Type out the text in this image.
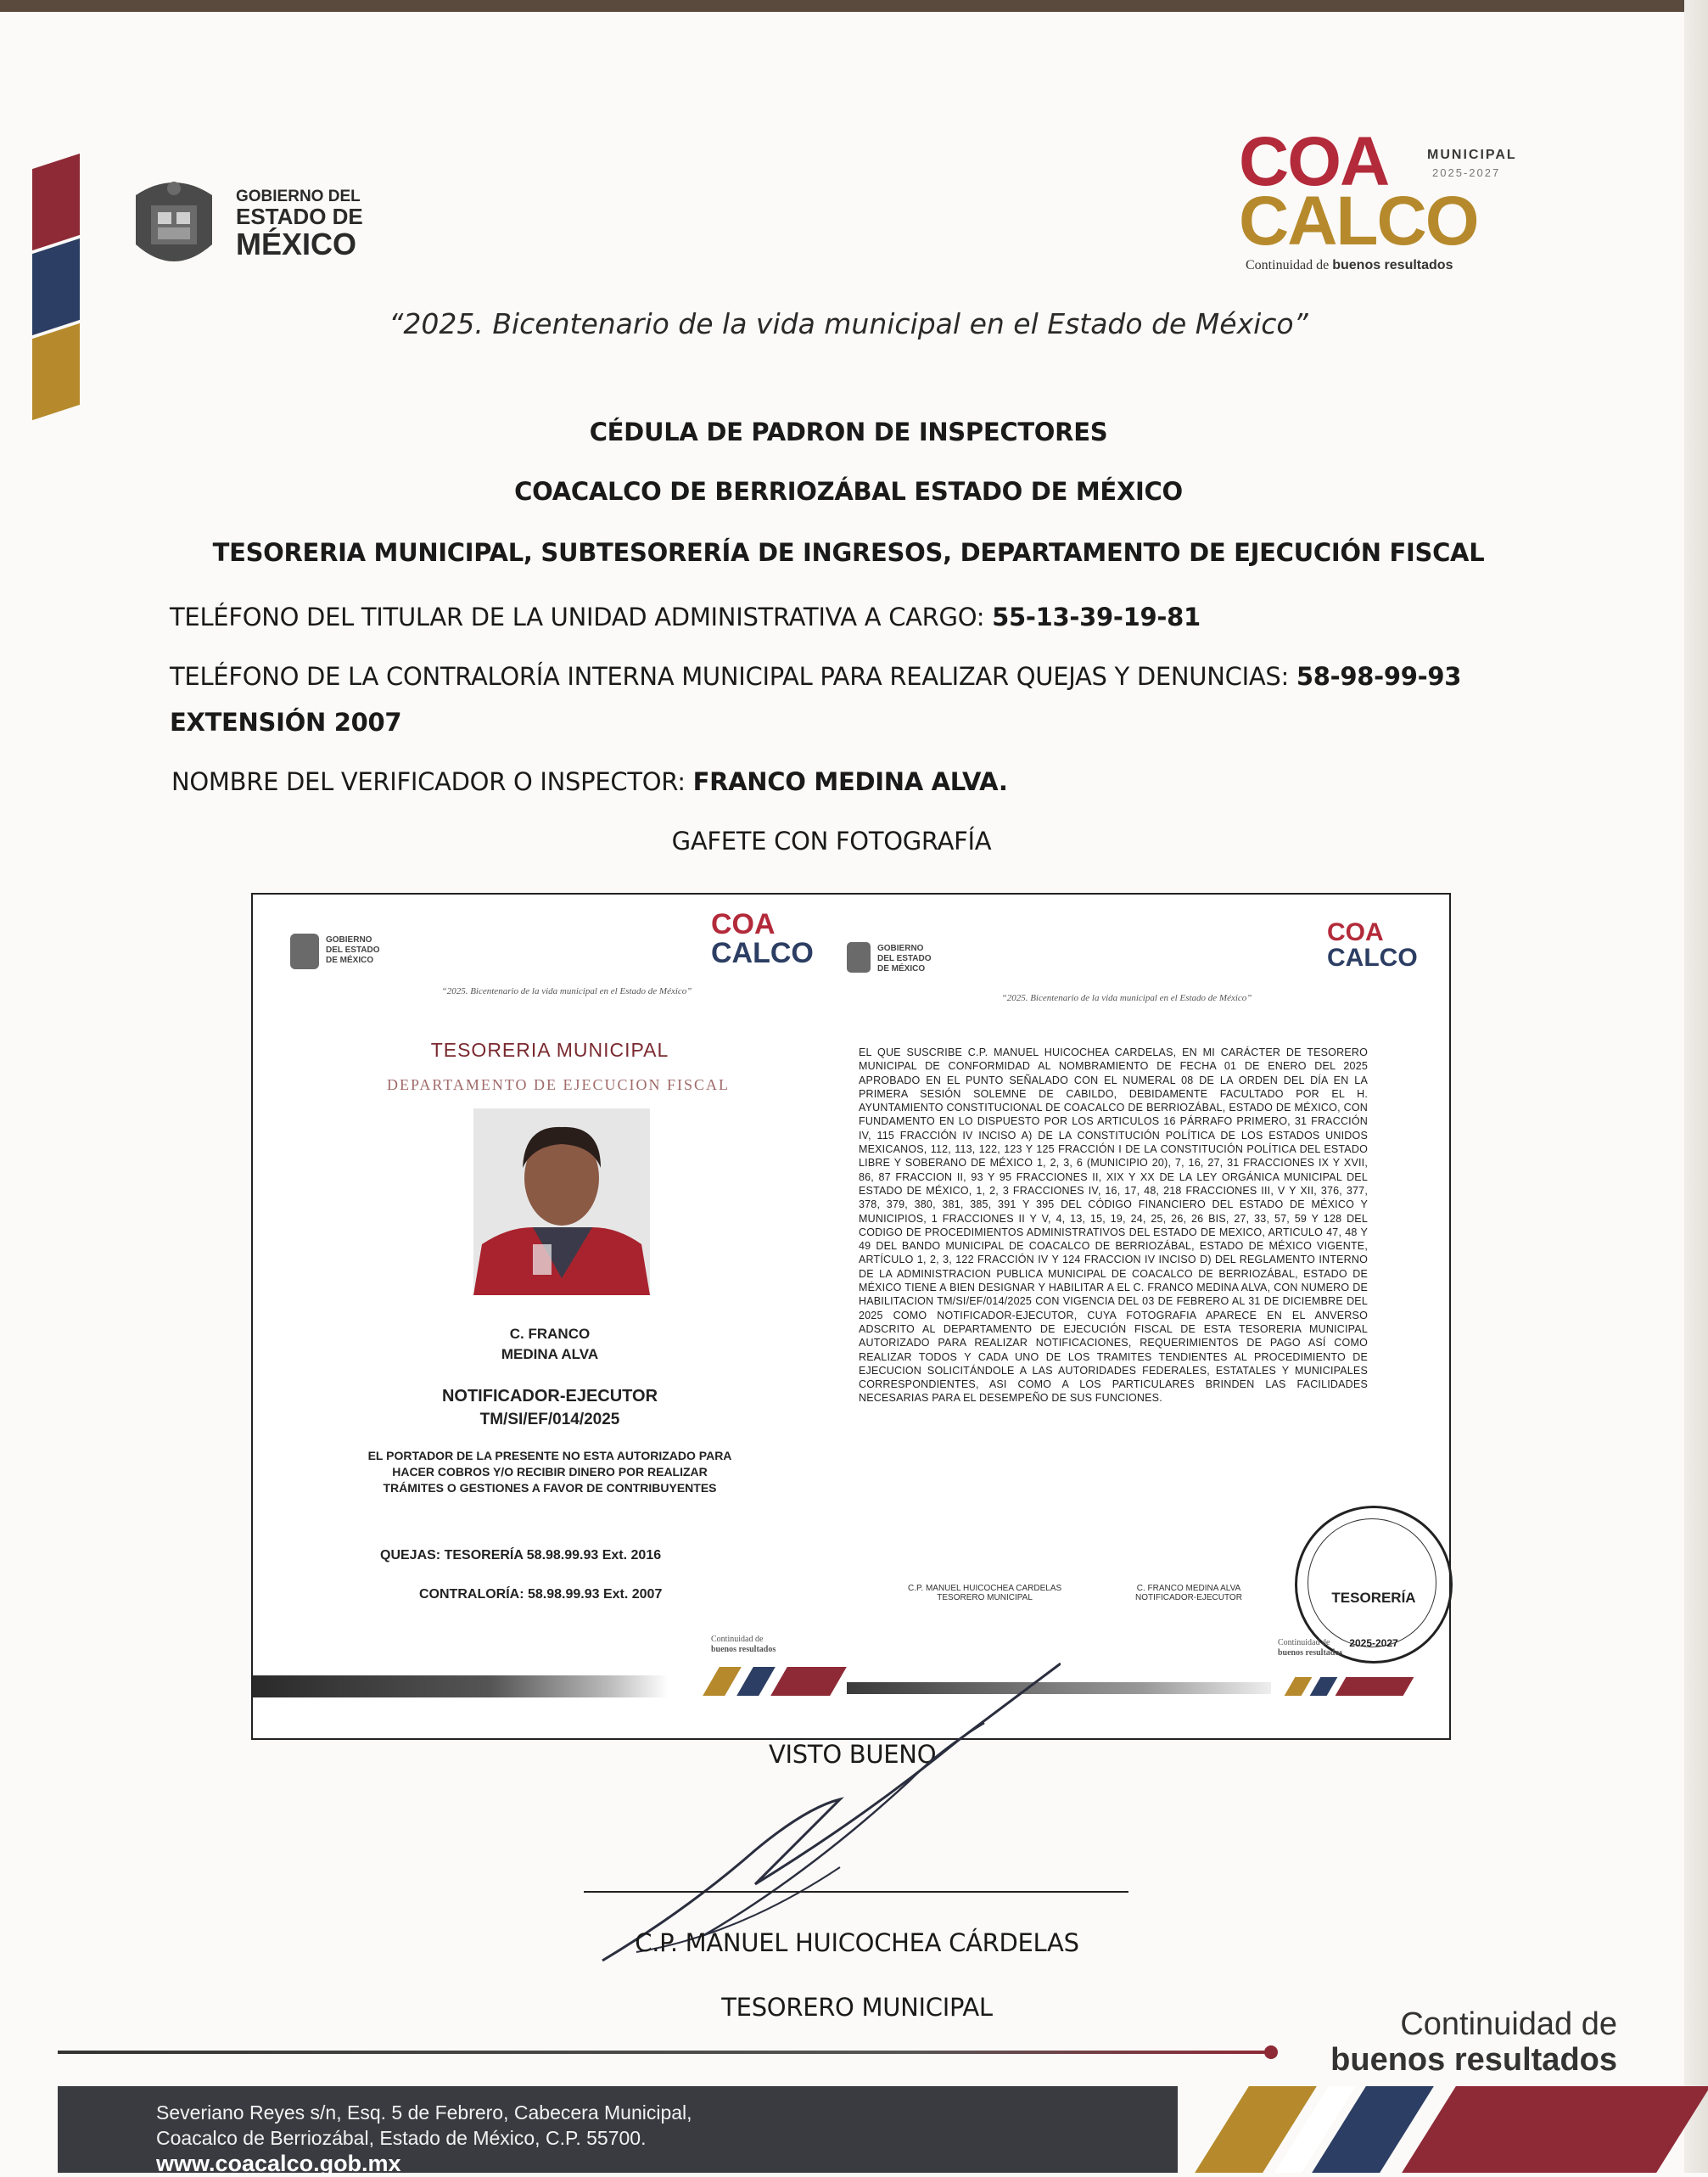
GOBIERNO DEL
ESTADO DE
MÉXICO
COA	MUNICIPAL
2025-2027
CALCO
Continuidad de buenos resultados
“2025. Bicentenario de la vida municipal en el Estado de México”
CÉDULA DE PADRON DE INSPECTORES
COACALCO DE BERRIOZÁBAL ESTADO DE MÉXICO
TESORERIA MUNICIPAL, SUBTESORERÍA DE INGRESOS, DEPARTAMENTO DE EJECUCIÓN FISCAL
TELÉFONO DEL TITULAR DE LA UNIDAD ADMINISTRATIVA A CARGO: 55-13-39-19-81
TELÉFONO DE LA CONTRALORÍA INTERNA MUNICIPAL PARA REALIZAR QUEJAS Y DENUNCIAS: 58-98-99-93
EXTENSIÓN 2007
NOMBRE DEL VERIFICADOR O INSPECTOR: FRANCO MEDINA ALVA.
GAFETE CON FOTOGRAFÍA
GOBIERNO DEL ESTADO DE MÉXICO
COA
CALCO
“2025. Bicentenario de la vida municipal en el Estado de México”
TESORERIA MUNICIPAL
DEPARTAMENTO DE EJECUCION FISCAL
C. FRANCO
MEDINA ALVA
NOTIFICADOR-EJECUTOR
TM/SI/EF/014/2025
EL PORTADOR DE LA PRESENTE NO ESTA AUTORIZADO PARA HACER COBROS Y/O RECIBIR DINERO POR REALIZAR TRÁMITES O GESTIONES A FAVOR DE CONTRIBUYENTES
QUEJAS: TESORERÍA 58.98.99.93 Ext. 2016
CONTRALORÍA: 58.98.99.93 Ext. 2007
Continuidad de
buenos resultados
GOBIERNO DEL ESTADO DE MÉXICO
COA
CALCO
“2025. Bicentenario de la vida municipal en el Estado de México”
EL QUE SUSCRIBE C.P. MANUEL HUICOCHEA CARDELAS, EN MI CARÁCTER DE TESORERO MUNICIPAL DE CONFORMIDAD AL NOMBRAMIENTO DE FECHA 01 DE ENERO DEL 2025 APROBADO EN EL PUNTO SEÑALADO CON EL NUMERAL 08 DE LA ORDEN DEL DÍA EN LA PRIMERA SESIÓN SOLEMNE DE CABILDO, DEBIDAMENTE FACULTADO POR EL H. AYUNTAMIENTO CONSTITUCIONAL DE COACALCO DE BERRIOZÁBAL, ESTADO DE MÉXICO, CON FUNDAMENTO EN LO DISPUESTO POR LOS ARTICULOS 16 PÁRRAFO PRIMERO, 31 FRACCIÓN IV, 115 FRACCIÓN IV INCISO A) DE LA CONSTITUCIÓN POLÍTICA DE LOS ESTADOS UNIDOS MEXICANOS, 112, 113, 122, 123 Y 125 FRACCIÓN I DE LA CONSTITUCIÓN POLÍTICA DEL ESTADO LIBRE Y SOBERANO DE MÉXICO 1, 2, 3, 6 (MUNICIPIO 20), 7, 16, 27, 31 FRACCIONES IX Y XVII, 86, 87 FRACCION II, 93 Y 95 FRACCIONES II, XIX Y XX DE LA LEY ORGÁNICA MUNICIPAL DEL ESTADO DE MÉXICO, 1, 2, 3 FRACCIONES IV, 16, 17, 48, 218 FRACCIONES III, V Y XII, 376, 377, 378, 379, 380, 381, 385, 391 Y 395 DEL CÓDIGO FINANCIERO DEL ESTADO DE MÉXICO Y MUNICIPIOS, 1 FRACCIONES II Y V, 4, 13, 15, 19, 24, 25, 26, 26 BIS, 27, 33, 57, 59 Y 128 DEL CODIGO DE PROCEDIMIENTOS ADMINISTRATIVOS DEL ESTADO DE MEXICO, ARTICULO 47, 48 Y 49 DEL BANDO MUNICIPAL DE COACALCO DE BERRIOZÁBAL, ESTADO DE MÉXICO VIGENTE, ARTÍCULO 1, 2, 3, 122 FRACCIÓN IV Y 124 FRACCION IV INCISO D) DEL REGLAMENTO INTERNO DE LA ADMINISTRACION PUBLICA MUNICIPAL DE COACALCO DE BERRIOZÁBAL, ESTADO DE MÉXICO TIENE A BIEN DESIGNAR Y HABILITAR A EL C. FRANCO MEDINA ALVA, CON NUMERO DE HABILITACION TM/SI/EF/014/2025 CON VIGENCIA DEL 03 DE FEBRERO AL 31 DE DICIEMBRE DEL 2025 COMO NOTIFICADOR-EJECUTOR, CUYA FOTOGRAFIA APARECE EN EL ANVERSO ADSCRITO AL DEPARTAMENTO DE EJECUCIÓN FISCAL DE ESTA TESORERIA MUNICIPAL AUTORIZADO PARA REALIZAR NOTIFICACIONES, REQUERIMIENTOS DE PAGO ASÍ COMO REALIZAR TODOS Y CADA UNO DE LOS TRAMITES TENDIENTES AL PROCEDIMIENTO DE EJECUCION SOLICITÁNDOLE A LAS AUTORIDADES FEDERALES, ESTATALES Y MUNICIPALES CORRESPONDIENTES, ASI COMO A LOS PARTICULARES BRINDEN LAS FACILIDADES NECESARIAS PARA EL DESEMPEÑO DE SUS FUNCIONES.
TESORERÍA
2025-2027
C.P. MANUEL HUICOCHEA CARDELAS
TESORERO MUNICIPAL
C. FRANCO MEDINA ALVA
NOTIFICADOR-EJECUTOR
Continuidad de
buenos resultados
VISTO BUENO
C.P. MANUEL HUICOCHEA CÁRDELAS
TESORERO MUNICIPAL	Continuidad de
buenos resultados
Severiano Reyes s/n, Esq. 5 de Febrero, Cabecera Municipal,
Coacalco de Berriozábal, Estado de México, C.P. 55700.
www.coacalco.gob.mx
